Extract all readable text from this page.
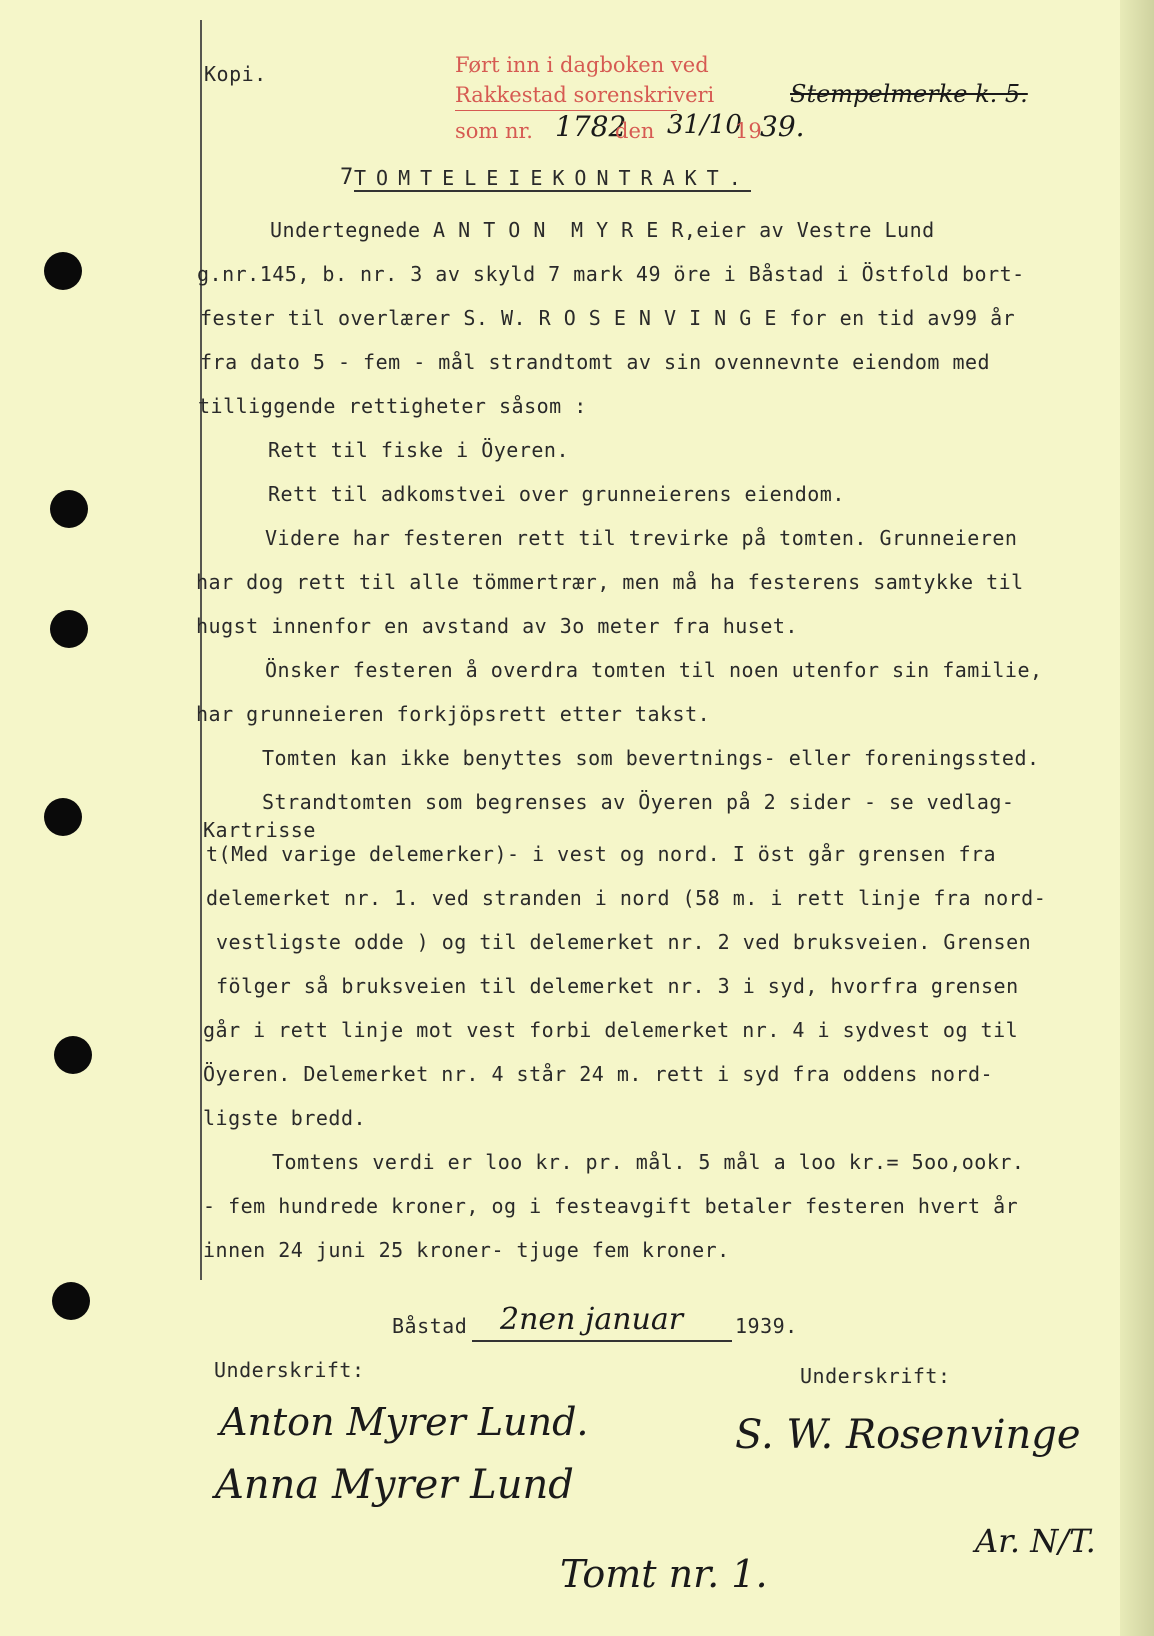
Kopi.	Ført inn i dagboken ved
Rakkestad sorenskriveri
som nr. 1782
den 31/10
19
39.
Stempelmerke k. 5.
7 TOMTELEIEKONTRAKT.
Undertegnede A N T O N  M Y R E R,eier av Vestre Lund
g.nr.145, b. nr. 3 av skyld 7 mark 49 öre i Båstad i Östfold bort-
fester til overlærer S. W. R O S E N V I N G E for en tid av99 år
fra dato 5 - fem - mål strandtomt av sin ovennevnte eiendom med
tilliggende rettigheter såsom :
Rett til fiske i Öyeren.
Rett til adkomstvei over grunneierens eiendom.
Videre har festeren rett til trevirke på tomten. Grunneieren
har dog rett til alle tömmertrær, men må ha festerens samtykke til
hugst innenfor en avstand av 3o meter fra huset.
Önsker festeren å overdra tomten til noen utenfor sin familie,
har grunneieren forkjöpsrett etter takst.
Tomten kan ikke benyttes som bevertnings- eller foreningssted.
Strandtomten som begrenses av Öyeren på 2 sider - se vedlag-
Kartrisse
t(Med varige delemerker)- i vest og nord. I öst går grensen fra
delemerket nr. 1. ved stranden i nord (58 m. i rett linje fra nord-
vestligste odde ) og til delemerket nr. 2 ved bruksveien. Grensen
fölger så bruksveien til delemerket nr. 3 i syd, hvorfra grensen
går i rett linje mot vest forbi delemerket nr. 4 i sydvest og til
Öyeren. Delemerket nr. 4 står 24 m. rett i syd fra oddens nord-
ligste bredd.
Tomtens verdi er loo kr. pr. mål. 5 mål a loo kr.= 5oo,ookr.
- fem hundrede kroner, og i festeavgift betaler festeren hvert år
innen 24 juni 25 kroner- tjuge fem kroner.
Båstad 2nen januar	1939.
Underskrift:	Underskrift:
Anton Myrer Lund.
Anna Myrer Lund
S. W. Rosenvinge
Tomt nr. 1.
Ar. N/T.
